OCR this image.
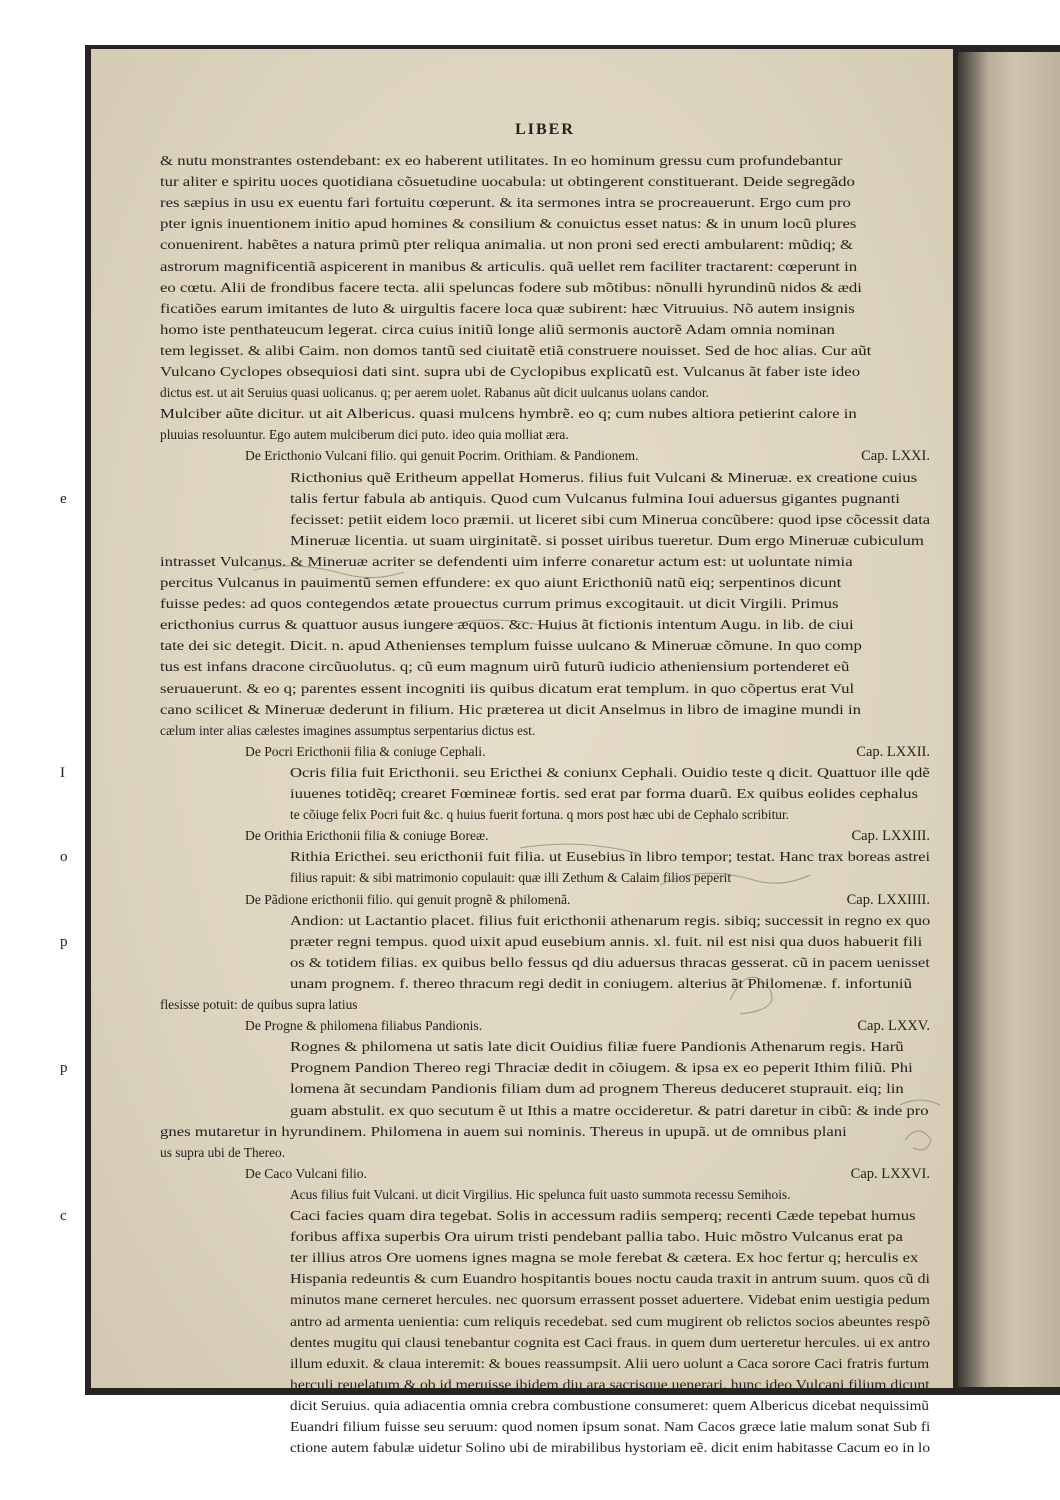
LIBER
& nutu monstrantes ostendebant: ex eo haberent utilitates. In eo hominum gressu cum profundebantur
tur aliter e spiritu uoces quotidiana cõsuetudine uocabula: ut obtingerent constituerant. Deide segregãdo
res sæpius in usu ex euentu fari fortuitu cœperunt. & ita sermones intra se procreauerunt. Ergo cum pro
pter ignis inuentionem initio apud homines & consilium & conuictus esset natus: & in unum locũ plures
conuenirent. habẽtes a natura primũ pter reliqua animalia. ut non proni sed erecti ambularent: mũdiq; &
astrorum magnificentiã aspicerent in manibus & articulis. quã uellet rem faciliter tractarent: cœperunt in
eo cœtu. Alii de frondibus facere tecta. alii speluncas fodere sub mõtibus: nõnulli hyrundinũ nidos & ædi
ficatiões earum imitantes de luto & uirgultis facere loca quæ subirent: hæc Vitruuius. Nõ autem insignis
homo iste penthateucum legerat. circa cuius initiũ longe aliũ sermonis auctorẽ Adam omnia nominan
tem legisset. & alibi Caim. non domos tantũ sed ciuitatẽ etiã construere nouisset. Sed de hoc alias. Cur aũt
Vulcano Cyclopes obsequiosi dati sint. supra ubi de Cyclopibus explicatũ est. Vulcanus ãt faber iste ideo
dictus est. ut ait Seruius quasi uolicanus. q; per aerem uolet. Rabanus aũt dicit uulcanus uolans candor.
Mulciber aũte dicitur. ut ait Albericus. quasi mulcens hymbrẽ. eo q; cum nubes altiora petierint calore in
pluuias resoluuntur. Ego autem mulciberum dici puto. ideo quia molliat æra.
De Ericthonio Vulcani filio. qui genuit Pocrim. Orithiam. & Pandionem.
Ricthonius quẽ Eritheum appellat Homerus. filius fuit Vulcani & Mineruæ. ex creatione cuius
talis fertur fabula ab antiquis. Quod cum Vulcanus fulmina Ioui aduersus gigantes pugnanti
fecisset: petiit eidem loco præmii. ut liceret sibi cum Minerua concũbere: quod ipse cõcessit data
Mineruæ licentia. ut suam uirginitatẽ. si posset uiribus tueretur. Dum ergo Mineruæ cubiculum
intrasset Vulcanus. & Mineruæ acriter se defendenti uim inferre conaretur actum est: ut uoluntate nimia
percitus Vulcanus in pauimentũ semen effundere: ex quo aiunt Ericthoniũ natũ eiq; serpentinos dicunt
fuisse pedes: ad quos contegendos ætate prouectus currum primus excogitauit. ut dicit Virgili. Primus
ericthonius currus & quattuor ausus iungere æquos. &c. Huius ãt fictionis intentum Augu. in lib. de ciui
tate dei sic detegit. Dicit. n. apud Athenienses templum fuisse uulcano & Mineruæ cõmune. In quo comp
tus est infans dracone circũuolutus. q; cũ eum magnum uirũ futurũ iudicio atheniensium portenderet eũ
seruauerunt. & eo q; parentes essent incogniti iis quibus dicatum erat templum. in quo cõpertus erat Vul
cano scilicet & Mineruæ dederunt in filium. Hic præterea ut dicit Anselmus in libro de imagine mundi in
cælum inter alias cælestes imagines assumptus serpentarius dictus est.
De Pocri Ericthonii filia & coniuge Cephali.
Ocris filia fuit Ericthonii. seu Ericthei & coniunx Cephali. Ouidio teste q dicit. Quattuor ille qdẽ
iuuenes totidẽq; crearet Fœmineæ fortis. sed erat par forma duarũ. Ex quibus eolides cephalus
te cõiuge felix Pocri fuit &c. q huius fuerit fortuna. q mors post hæc ubi de Cephalo scribitur.
De Orithia Ericthonii filia & coniuge Boreæ.
Rithia Ericthei. seu ericthonii fuit filia. ut Eusebius in libro tempor; testat. Hanc trax boreas astrei
filius rapuit: & sibi matrimonio copulauit: quæ illi Zethum & Calaim filios peperit
De Pãdione ericthonii filio. qui genuit prognẽ & philomenã.
Andion: ut Lactantio placet. filius fuit ericthonii athenarum regis. sibiq; successit in regno ex quo
præter regni tempus. quod uixit apud eusebium annis. xl. fuit. nil est nisi qua duos habuerit fili
os & totidem filias. ex quibus bello fessus qd diu aduersus thracas gesserat. cũ in pacem uenisset
unam prognem. f. thereo thracum regi dedit in coniugem. alterius ãt Philomenæ. f. infortuniũ
flesisse potuit: de quibus supra latius
De Progne & philomena filiabus Pandionis.
Rognes & philomena ut satis late dicit Ouidius filiæ fuere Pandionis Athenarum regis. Harũ
Prognem Pandion Thereo regi Thraciæ dedit in cõiugem. & ipsa ex eo peperit Ithim filiũ. Phi
lomena ãt secundam Pandionis filiam dum ad prognem Thereus deduceret stuprauit. eiq; lin
guam abstulit. ex quo secutum ẽ ut Ithis a matre occideretur. & patri daretur in cibũ: & inde pro
gnes mutaretur in hyrundinem. Philomena in auem sui nominis. Thereus in upupã. ut de omnibus plani
us supra ubi de Thereo.
De Caco Vulcani filio.
Acus filius fuit Vulcani. ut dicit Virgilius. Hic spelunca fuit uasto summota recessu Semihois.
Caci facies quam dira tegebat. Solis in accessum radiis semperq; recenti Cæde tepebat humus
foribus affixa superbis Ora uirum tristi pendebant pallia tabo. Huic mõstro Vulcanus erat pa
ter illius atros Ore uomens ignes magna se mole ferebat & cætera. Ex hoc fertur q; herculis ex
Hispania redeuntis & cum Euandro hospitantis boues noctu cauda traxit in antrum suum. quos cũ di
minutos mane cerneret hercules. nec quorsum errassent posset aduertere. Videbat enim uestigia pedum
antro ad armenta uenientia: cum reliquis recedebat. sed cum mugirent ob relictos socios abeuntes respõ
dentes mugitu qui clausi tenebantur cognita est Caci fraus. in quem dum uerteretur hercules. ui ex antro
illum eduxit. & claua interemit: & boues reassumpsit. Alii uero uolunt a Caca sorore Caci fratris furtum
herculi reuelatum & ob id meruisse ibidem diu ara sacrisque uenerari. hunc ideo Vulcani filium dicunt
dicit Seruius. quia adiacentia omnia crebra combustione consumeret: quem Albericus dicebat nequissimũ
Euandri filium fuisse seu seruum: quod nomen ipsum sonat. Nam Cacos græce latie malum sonat Sub fi
ctione autem fabulæ uidetur Solino ubi de mirabilibus hystoriam eẽ. dicit enim habitasse Cacum eo in lo
Cap. LXXI.
Cap. LXXII.
Cap. LXXIII.
Cap. LXXIIII.
Cap. LXXV.
Cap. LXXVI.
e
I
o
p
p
c
